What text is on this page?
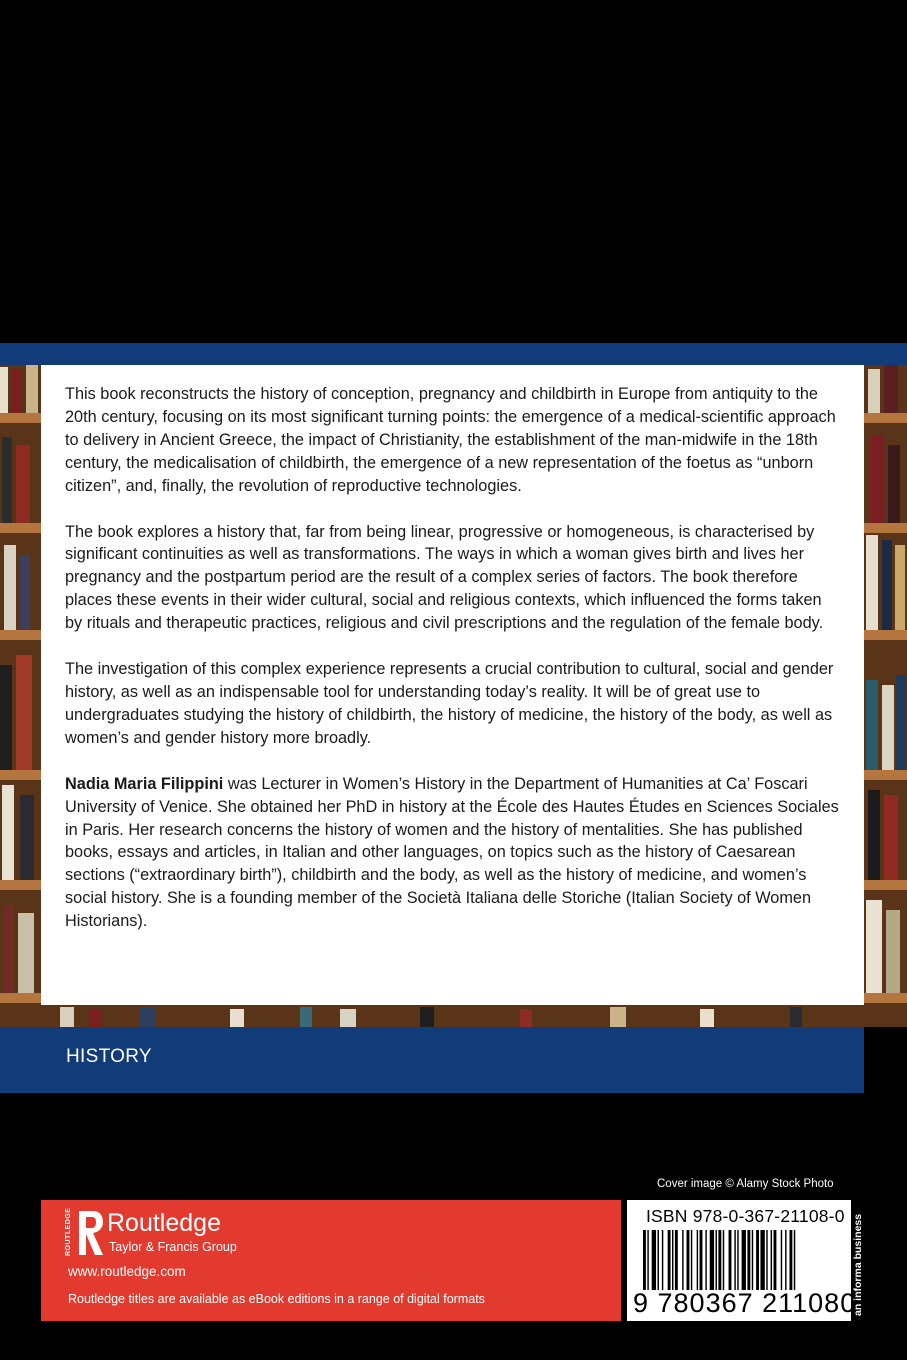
This book reconstructs the history of conception, pregnancy and childbirth in Europe from antiquity to the 20th century, focusing on its most significant turning points: the emergence of a medical-scientific approach to delivery in Ancient Greece, the impact of Christianity, the establishment of the man-midwife in the 18th century, the medicalisation of childbirth, the emergence of a new representation of the foetus as “unborn citizen”, and, finally, the revolution of reproductive technologies.

The book explores a history that, far from being linear, progressive or homogeneous, is characterised by significant continuities as well as transformations. The ways in which a woman gives birth and lives her pregnancy and the postpartum period are the result of a complex series of factors. The book therefore places these events in their wider cultural, social and religious contexts, which influenced the forms taken by rituals and therapeutic practices, religious and civil prescriptions and the regulation of the female body.

The investigation of this complex experience represents a crucial contribution to cultural, social and gender history, as well as an indispensable tool for understanding today’s reality. It will be of great use to undergraduates studying the history of childbirth, the history of medicine, the history of the body, as well as women’s and gender history more broadly.

Nadia Maria Filippini was Lecturer in Women’s History in the Department of Humanities at Ca’ Foscari University of Venice. She obtained her PhD in history at the École des Hautes Études en Sciences Sociales in Paris. Her research concerns the history of women and the history of mentalities. She has published books, essays and articles, in Italian and other languages, on topics such as the history of Caesarean sections (“extraordinary birth”), childbirth and the body, as well as the history of medicine, and women’s social history. She is a founding member of the Società Italiana delle Storiche (Italian Society of Women Historians).

HISTORY
Cover image © Alamy Stock Photo
ROUTLEDGE Routledge
Taylor & Francis Group
www.routledge.com
Routledge titles are available as eBook editions in a range of digital formats
ISBN 978-0-367-21108-0
9 780367 211080
an informa business
